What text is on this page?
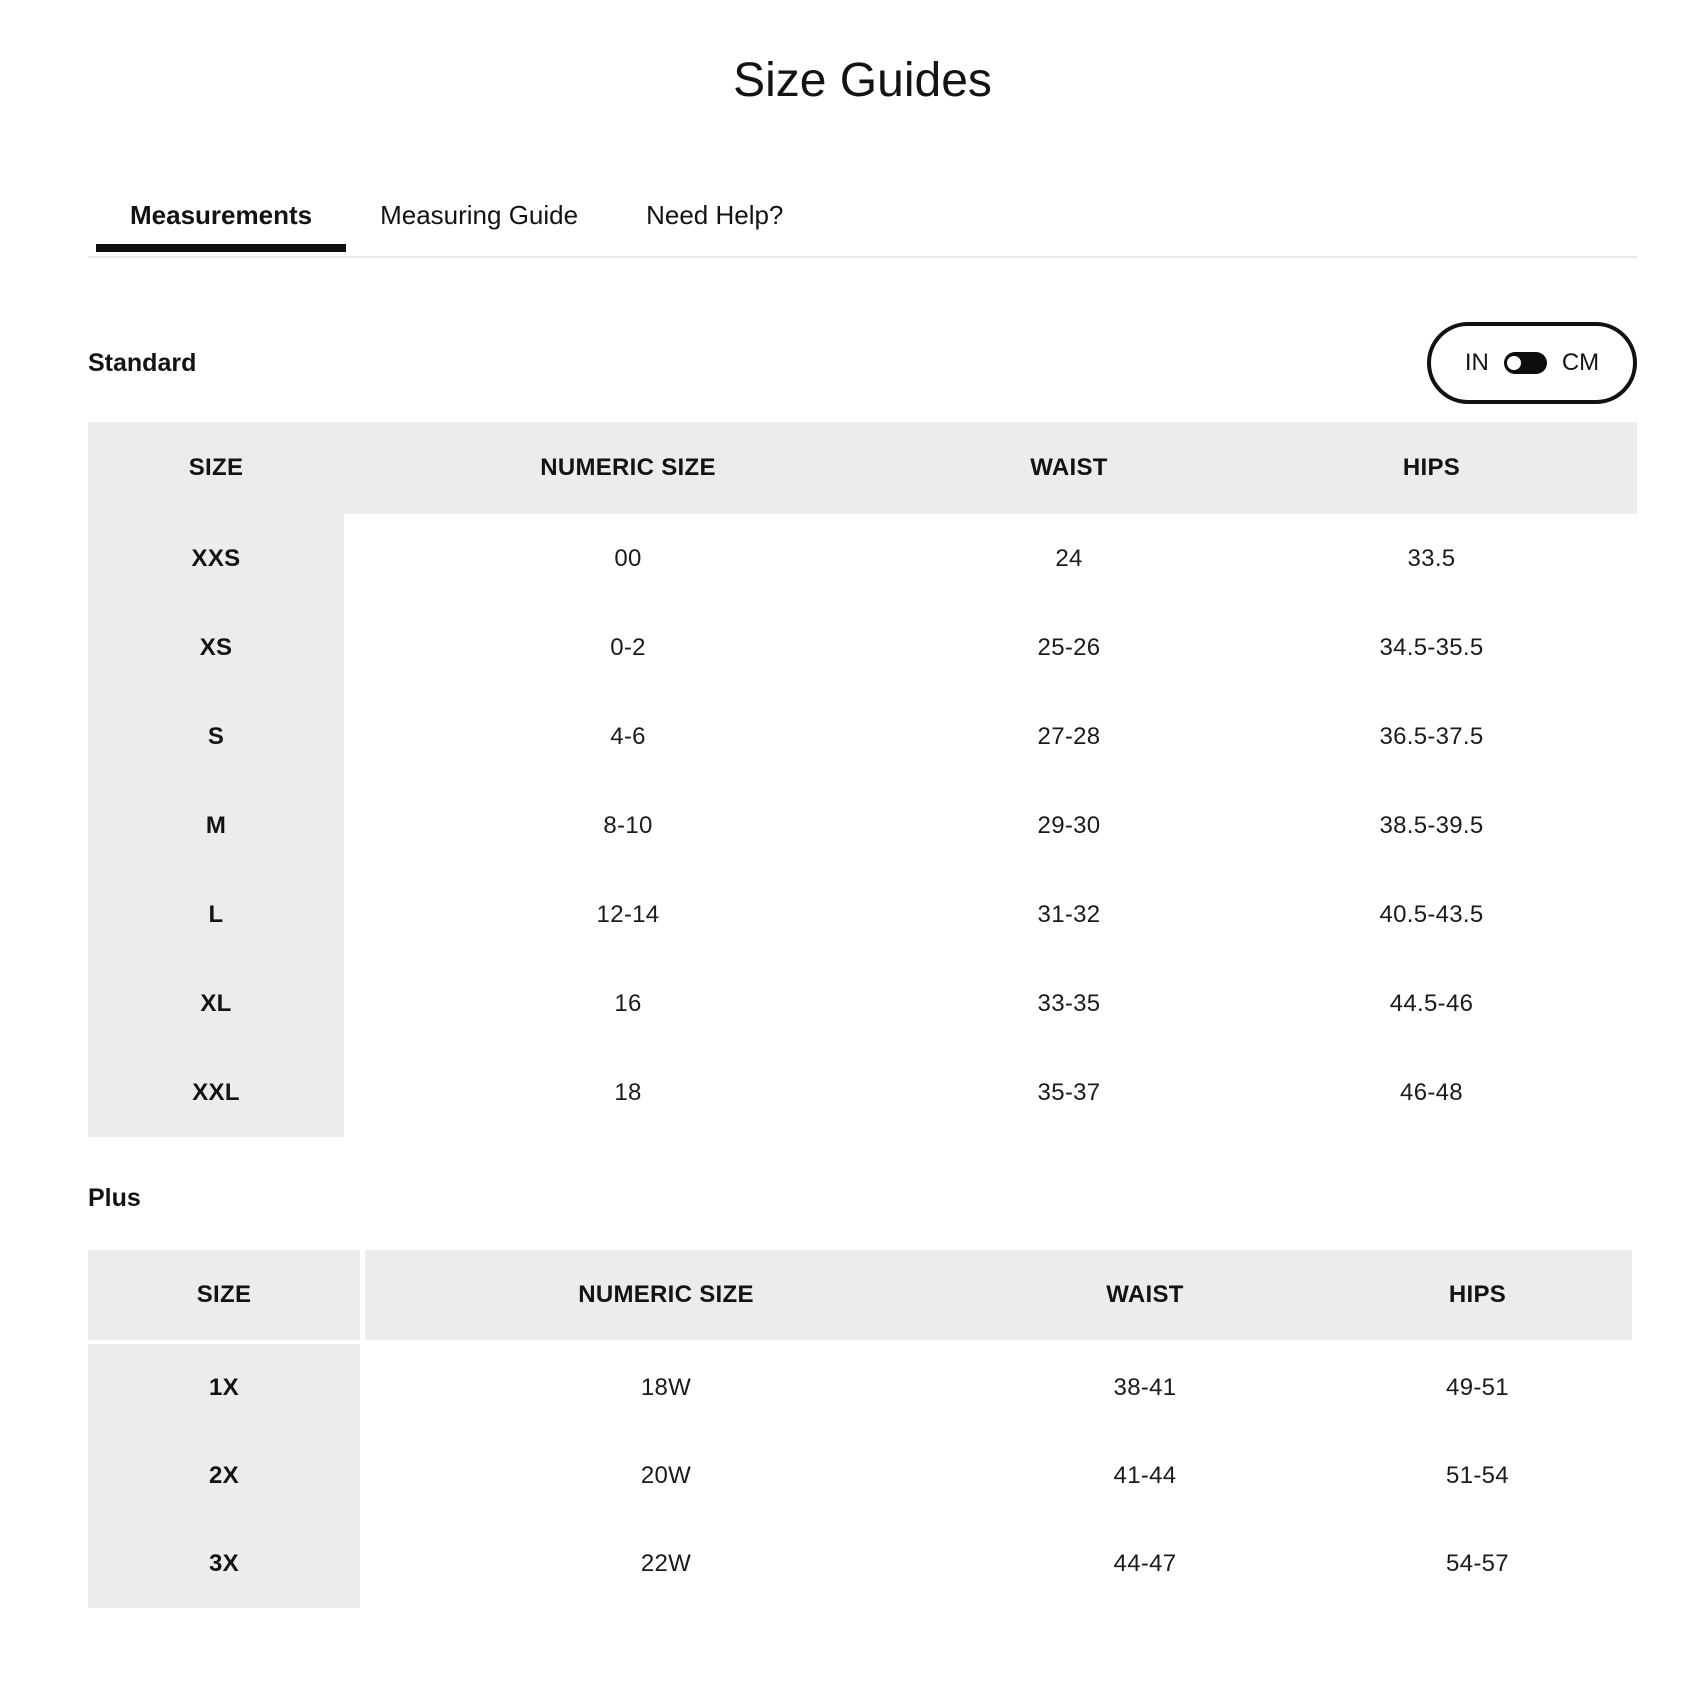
Size Guides
Measurements	Measuring Guide	Need Help?
Standard	IN	CM
SIZE	NUMERIC SIZE	WAIST	HIPS
XXS	00	24	33.5
XS	0-2	25-26	34.5-35.5
S	4-6	27-28	36.5-37.5
M	8-10	29-30	38.5-39.5
L	12-14	31-32	40.5-43.5
XL	16	33-35	44.5-46
XXL	18	35-37	46-48
Plus
SIZE	NUMERIC SIZE	WAIST	HIPS
1X	18W	38-41	49-51
2X	20W	41-44	51-54
3X	22W	44-47	54-57
